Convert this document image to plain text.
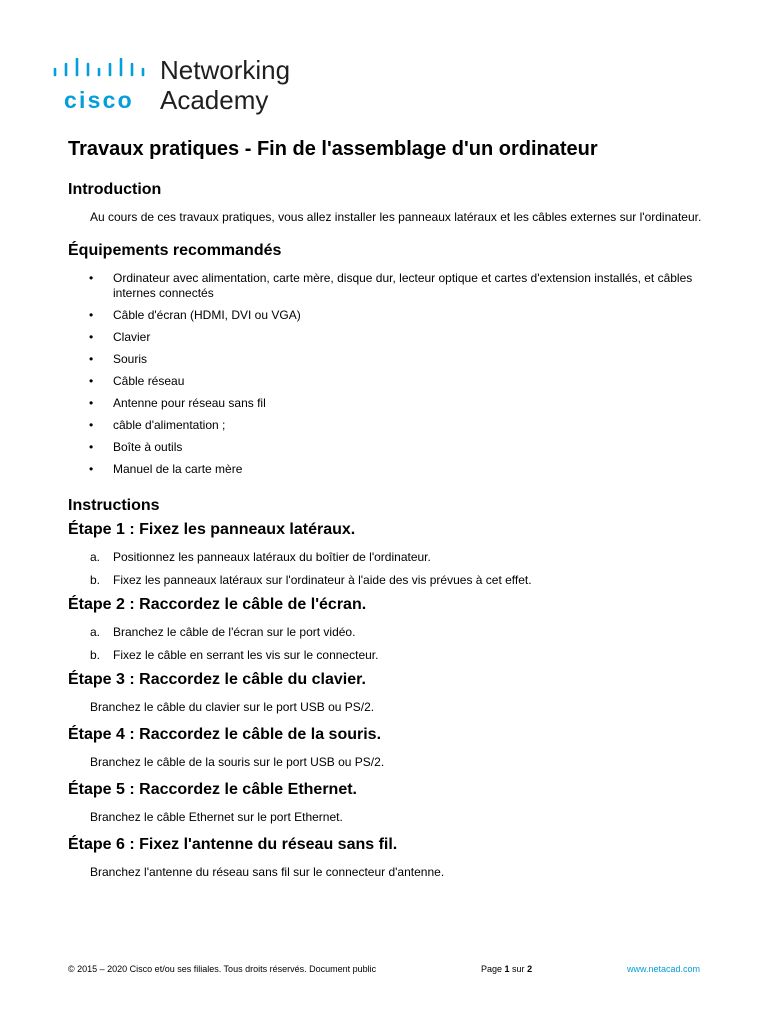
cisco
Networking
Academy
Travaux pratiques - Fin de l'assemblage d'un ordinateur
Introduction

Au cours de ces travaux pratiques, vous allez installer les panneaux latéraux et les câbles externes sur l'ordinateur.

Équipements recommandés
• Ordinateur avec alimentation, carte mère, disque dur, lecteur optique et cartes d'extension installés, et câbles internes connectés
• Câble d'écran (HDMI, DVI ou VGA)
• Clavier
• Souris
• Câble réseau
• Antenne pour réseau sans fil
• câble d'alimentation ;
• Boîte à outils
• Manuel de la carte mère
Instructions
Étape 1 : Fixez les panneaux latéraux.
a. Positionnez les panneaux latéraux du boîtier de l'ordinateur.
b. Fixez les panneaux latéraux sur l'ordinateur à l'aide des vis prévues à cet effet.
Étape 2 : Raccordez le câble de l'écran.
a. Branchez le câble de l'écran sur le port vidéo.
b. Fixez le câble en serrant les vis sur le connecteur.
Étape 3 : Raccordez le câble du clavier.

Branchez le câble du clavier sur le port USB ou PS/2.

Étape 4 : Raccordez le câble de la souris.

Branchez le câble de la souris sur le port USB ou PS/2.

Étape 5 : Raccordez le câble Ethernet.

Branchez le câble Ethernet sur le port Ethernet.

Étape 6 : Fixez l'antenne du réseau sans fil.

Branchez l'antenne du réseau sans fil sur le connecteur d'antenne.

© 2015 – 2020 Cisco et/ou ses filiales. Tous droits réservés. Document public	Page 1 sur 2	www.netacad.com
